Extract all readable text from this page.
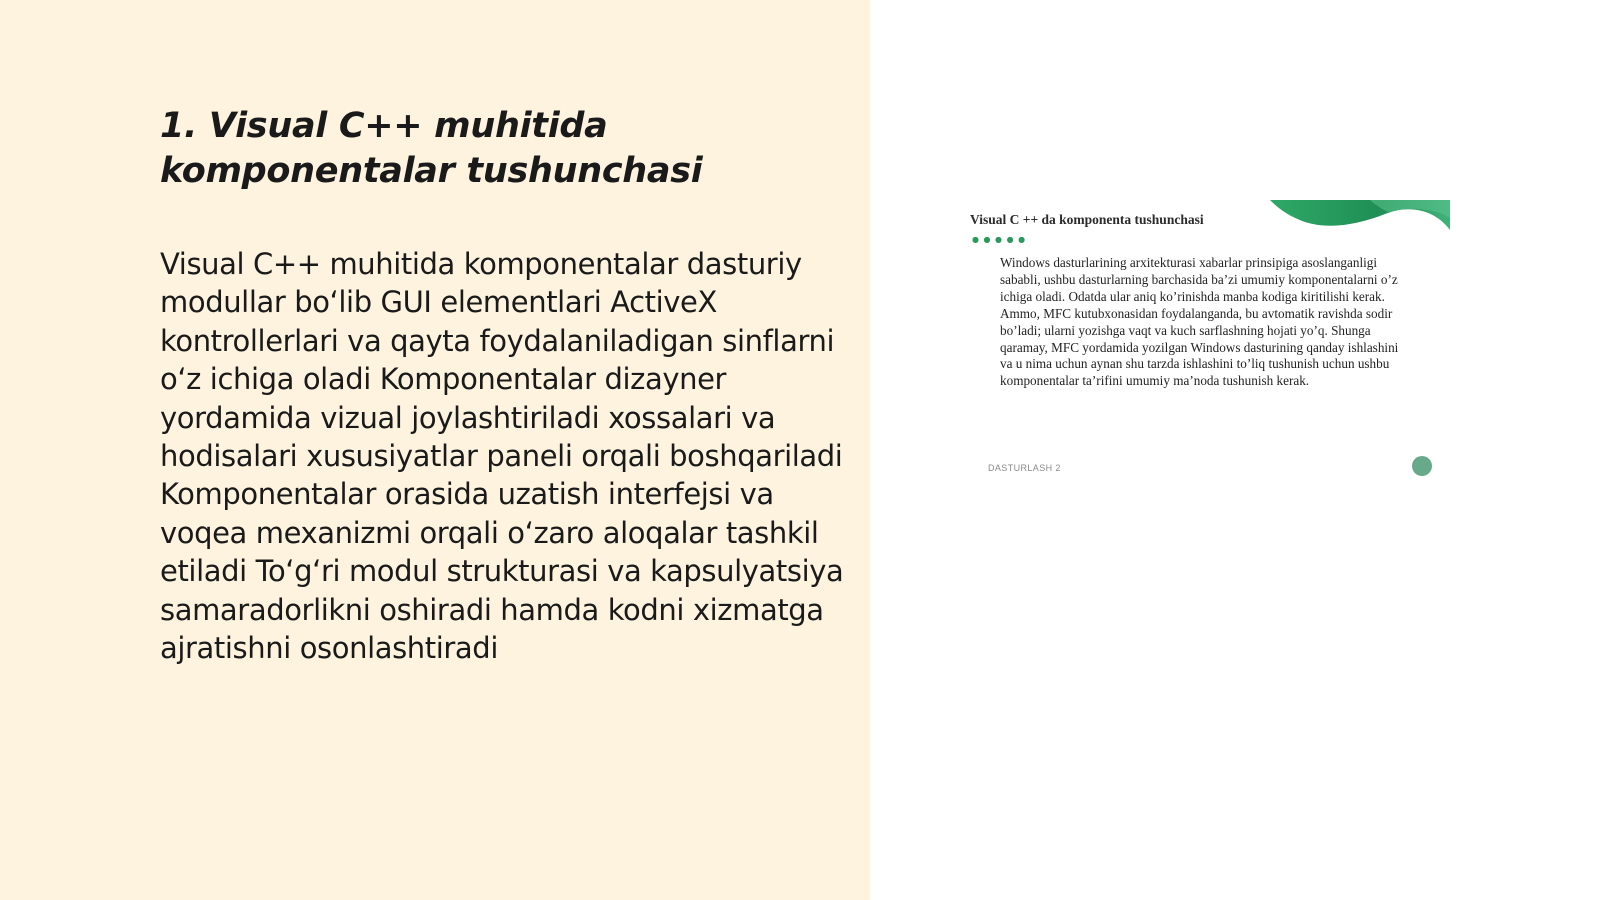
1. Visual C++ muhitida komponentalar tushunchasi

Visual C++ muhitida komponentalar dasturiy modullar bo‘lib GUI elementlari ActiveX kontrollerlari va qayta foydalaniladigan sinflarni o‘z ichiga oladi Komponentalar dizayner yordamida vizual joylashtiriladi xossalari va hodisalari xususiyatlar paneli orqali boshqariladi Komponentalar orasida uzatish interfejsi va voqea mexanizmi orqali o‘zaro aloqalar tashkil etiladi To‘g‘ri modul strukturasi va kapsulyatsiya samaradorlikni oshiradi hamda kodni xizmatga ajratishni osonlashtiradi

Visual C ++ da komponenta tushunchasi
● ● ● ● ●

Windows dasturlarining arxitekturasi xabarlar prinsipiga asoslanganligi sababli, ushbu dasturlarning barchasida ba’zi umumiy komponentalarni o’z ichiga oladi. Odatda ular aniq ko’rinishda manba kodiga kiritilishi kerak. Ammo, MFC kutubxonasidan foydalanganda, bu avtomatik ravishda sodir bo’ladi; ularni yozishga vaqt va kuch sarflashning hojati yo’q. Shunga qaramay, MFC yordamida yozilgan Windows dasturining qanday ishlashini va u nima uchun aynan shu tarzda ishlashini to’liq tushunish uchun ushbu komponentalar ta’rifini umumiy ma’noda tushunish kerak.

DASTURLASH 2
